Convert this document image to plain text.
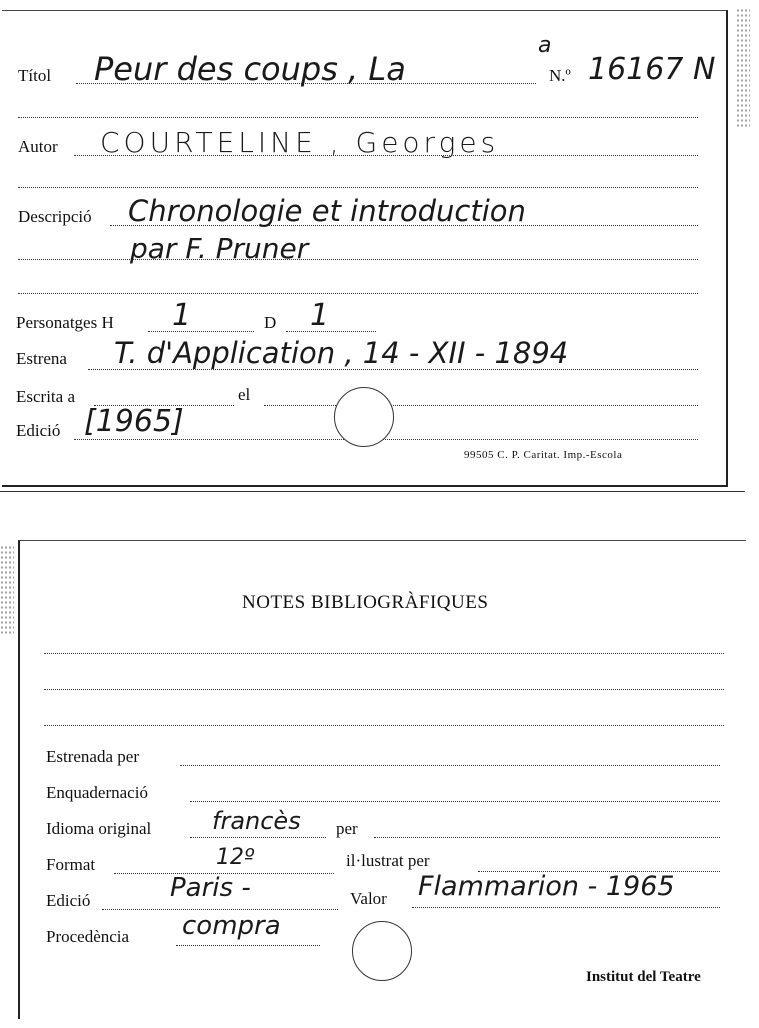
Títol Peur des coups , La
a
N.º 16167 N
Autor COURTELINE , Georges
Descripció Chronologie et introduction
par F. Pruner
Personatges H 1	D 1
Estrena T. d'Application , 14 - XII - 1894
Escrita a	el
Edició [1965]
99505 C. P. Caritat. Imp.-Escola
NOTES BIBLIOGRÀFIQUES
Estrenada per
Enquadernació
Idioma original	francès per
Format	12º	il·lustrat per
Edició	Paris -	Valor Flammarion - 1965
Procedència compra
Institut del Teatre
